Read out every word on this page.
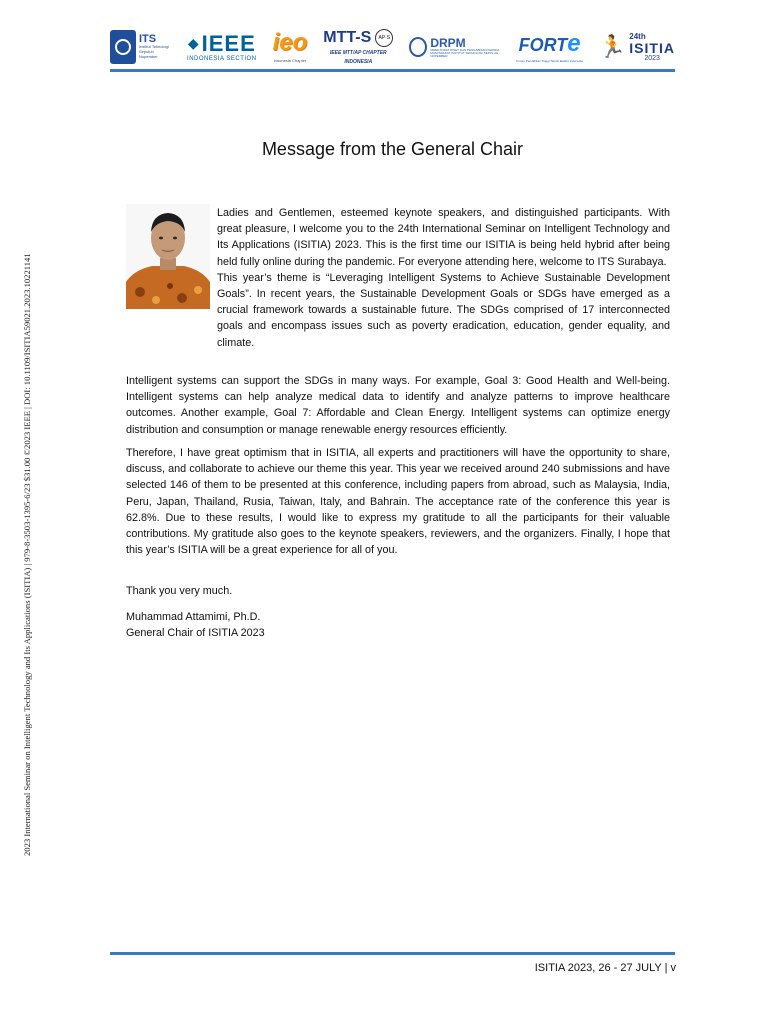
ITS
Institut Teknologi Sepuluh Nopember
◆ IEEE
INDONESIA SECTION
ieo
Indonesia Chapter
MTT-S	AP·S
IEEE MTT/AP CHAPTER
INDONESIA
DRPM
DIREKTORAT RISET DAN PENGABDIAN KEPADA MASYARAKAT INSTITUT TEKNOLOGI SEPULUH NOPEMBER
FORTe
Forum Pendidikan Tinggi Teknik Elektro Indonesia
🏃 24th
ISITIA
2023
2023 International Seminar on Intelligent Technology and Its Applications (ISITIA) | 979-8-3503-1395-6/23 $31.00 ©2023 IEEE | DOI: 10.1109/ISITIA59021.2023.10221141
Message from the General Chair

Ladies and Gentlemen, esteemed keynote speakers, and distinguished participants. With great pleasure, I welcome you to the 24th International Seminar on Intelligent Technology and Its Applications (ISITIA) 2023. This is the first time our ISITIA is being held hybrid after being held fully online during the pandemic. For everyone attending here, welcome to ITS Surabaya.

This year’s theme is “Leveraging Intelligent Systems to Achieve Sustainable Development Goals”. In recent years, the Sustainable Development Goals or SDGs have emerged as a crucial framework towards a sustainable future. The SDGs comprised of 17 interconnected goals and encompass issues such as poverty eradication, education, gender equality, and climate.

Intelligent systems can support the SDGs in many ways. For example, Goal 3: Good Health and Well-being. Intelligent systems can help analyze medical data to identify and analyze patterns to improve healthcare outcomes. Another example, Goal 7: Affordable and Clean Energy. Intelligent systems can optimize energy distribution and consumption or manage renewable energy resources efficiently.

Therefore, I have great optimism that in ISITIA, all experts and practitioners will have the opportunity to share, discuss, and collaborate to achieve our theme this year. This year we received around 240 submissions and have selected 146 of them to be presented at this conference, including papers from abroad, such as Malaysia, India, Peru, Japan, Thailand, Rusia, Taiwan, Italy, and Bahrain. The acceptance rate of the conference this year is 62.8%. Due to these results, I would like to express my gratitude to all the participants for their valuable contributions. My gratitude also goes to the keynote speakers, reviewers, and the organizers. Finally, I hope that this year’s ISITIA will be a great experience for all of you.

Thank you very much.

Muhammad Attamimi, Ph.D.

General Chair of ISITIA 2023

ISITIA 2023, 26 - 27 JULY | v
